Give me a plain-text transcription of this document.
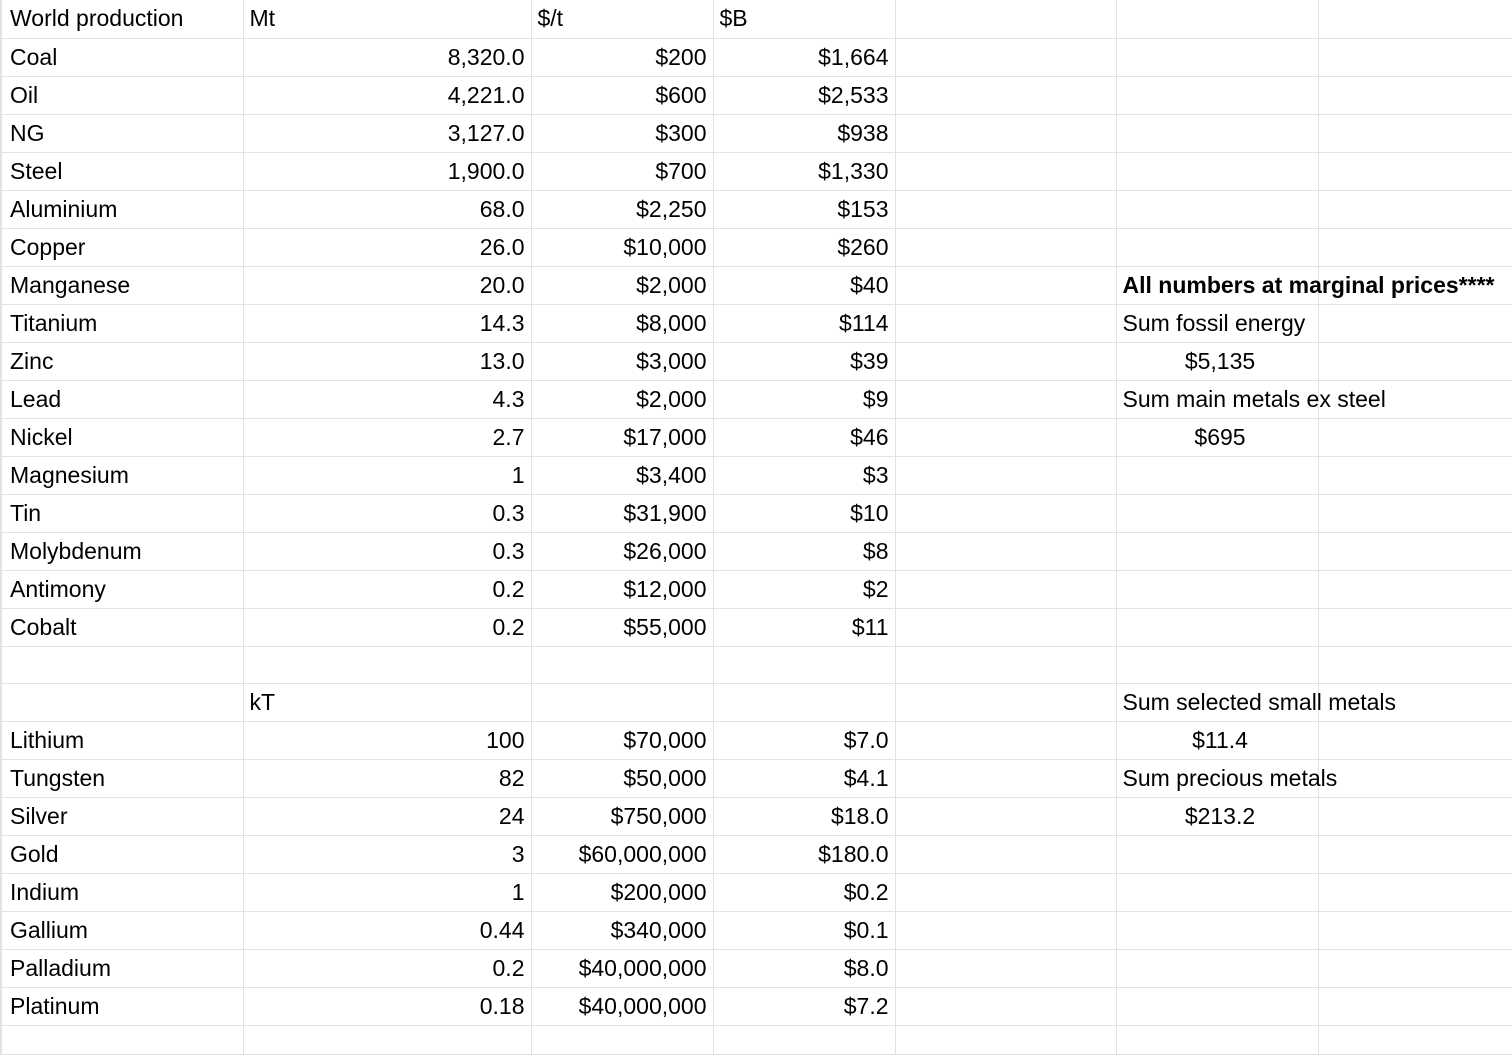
World production	Mt	$/t	$B			
Coal	8,320.0	$200	$1,664			
Oil	4,221.0	$600	$2,533			
NG	3,127.0	$300	$938			
Steel	1,900.0	$700	$1,330			
Aluminium	68.0	$2,250	$153			
Copper	26.0	$10,000	$260			
Manganese	20.0	$2,000	$40		All numbers at marginal prices****	
Titanium	14.3	$8,000	$114		Sum fossil energy	
Zinc	13.0	$3,000	$39		$5,135	
Lead	4.3	$2,000	$9		Sum main metals ex steel	
Nickel	2.7	$17,000	$46		$695	
Magnesium	1	$3,400	$3			
Tin	0.3	$31,900	$10			
Molybdenum	0.3	$26,000	$8			
Antimony	0.2	$12,000	$2			
Cobalt	0.2	$55,000	$11			

	kT				Sum selected small metals	
Lithium	100	$70,000	$7.0		$11.4	
Tungsten	82	$50,000	$4.1		Sum precious metals	
Silver	24	$750,000	$18.0		$213.2	
Gold	3	$60,000,000	$180.0			
Indium	1	$200,000	$0.2			
Gallium	0.44	$340,000	$0.1			
Palladium	0.2	$40,000,000	$8.0			
Platinum	0.18	$40,000,000	$7.2			
